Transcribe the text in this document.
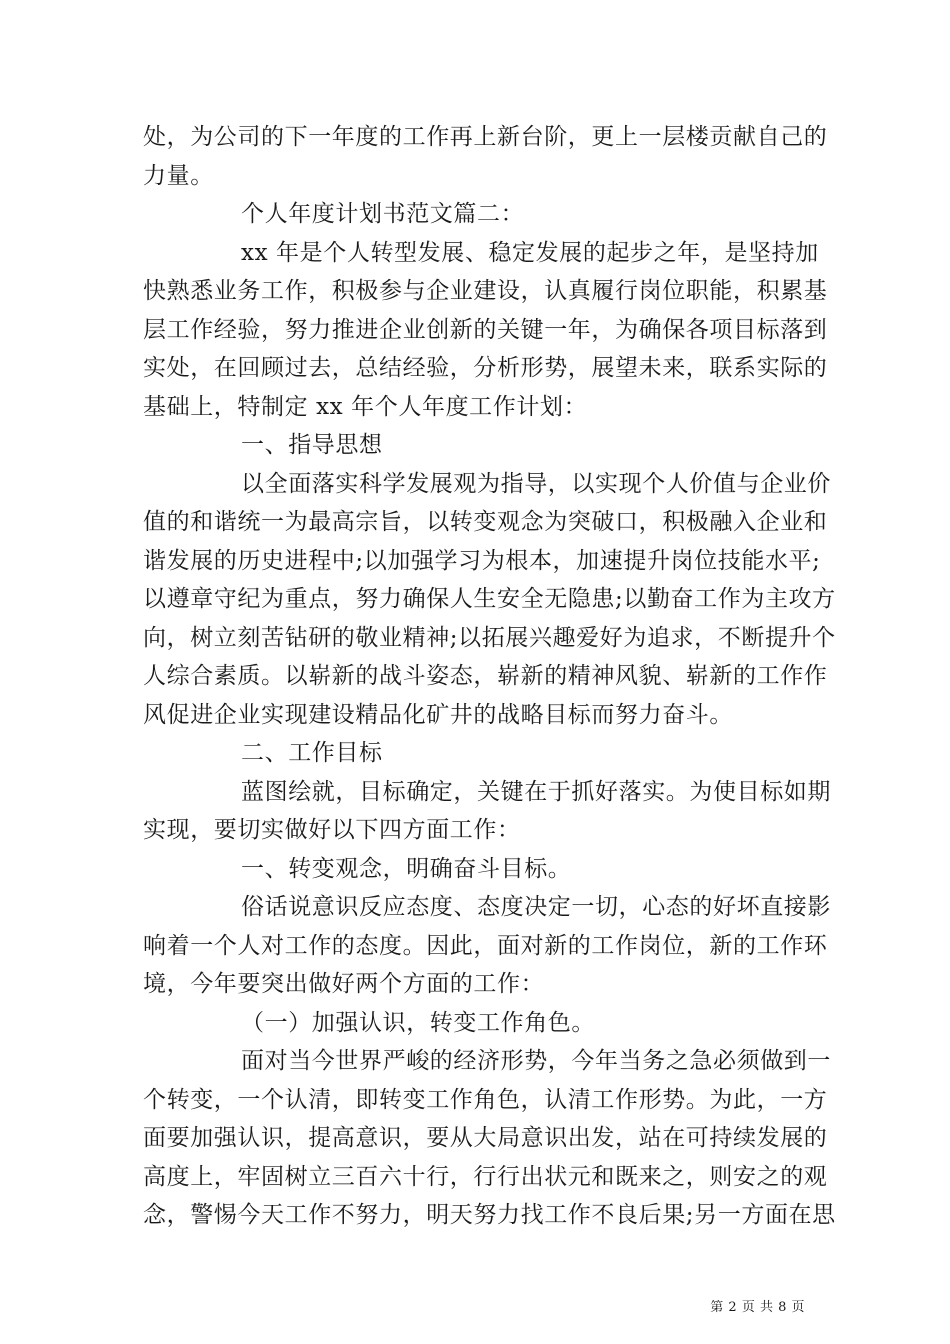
处，为公司的下一年度的工作再上新台阶，更上一层楼贡献自己的
力量。
个人年度计划书范文篇二：
xx 年是个人转型发展、稳定发展的起步之年，是坚持加
快熟悉业务工作，积极参与企业建设，认真履行岗位职能，积累基
层工作经验，努力推进企业创新的关键一年，为确保各项目标落到
实处，在回顾过去，总结经验，分析形势，展望未来，联系实际的
基础上，特制定 xx 年个人年度工作计划：
一、指导思想
以全面落实科学发展观为指导，以实现个人价值与企业价
值的和谐统一为最高宗旨，以转变观念为突破口，积极融入企业和
谐发展的历史进程中;以加强学习为根本，加速提升岗位技能水平;
以遵章守纪为重点，努力确保人生安全无隐患;以勤奋工作为主攻方
向，树立刻苦钻研的敬业精神;以拓展兴趣爱好为追求，不断提升个
人综合素质。以崭新的战斗姿态，崭新的精神风貌、崭新的工作作
风促进企业实现建设精品化矿井的战略目标而努力奋斗。
二、工作目标
蓝图绘就，目标确定，关键在于抓好落实。为使目标如期
实现，要切实做好以下四方面工作：
一、转变观念，明确奋斗目标。
俗话说意识反应态度、态度决定一切，心态的好坏直接影
响着一个人对工作的态度。因此，面对新的工作岗位，新的工作环
境，今年要突出做好两个方面的工作：
（一）加强认识，转变工作角色。
面对当今世界严峻的经济形势，今年当务之急必须做到一
个转变，一个认清，即转变工作角色，认清工作形势。为此，一方
面要加强认识，提高意识，要从大局意识出发，站在可持续发展的
高度上，牢固树立三百六十行，行行出状元和既来之，则安之的观
念，警惕今天工作不努力，明天努力找工作不良后果;另一方面在思
第 2 页 共 8 页
